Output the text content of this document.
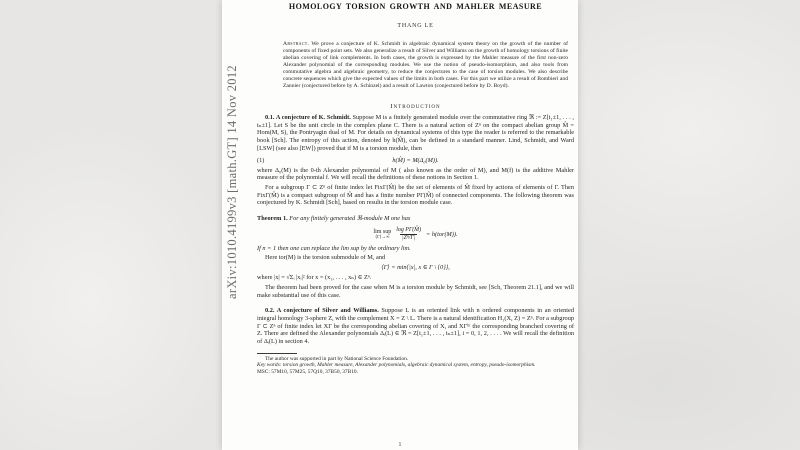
arXiv:1010.4199v3 [math.GT] 14 Nov 2012
HOMOLOGY TORSION GROWTH AND MAHLER MEASURE
THANG LE
Abstract. We prove a conjecture of K. Schmidt in algebraic dynamical system theory on the growth of the number of components of fixed point sets. We also generalize a result of Silver and Williams on the growth of homology torsions of finite abelian covering of link complements. In both cases, the growth is expressed by the Mahler measure of the first non-zero Alexander polynomial of the corresponding modules. We use the notion of pseudo-isomorphism, and also tools from commutative algebra and algebraic geometry, to reduce the conjectures to the case of torsion modules. We also describe concrete sequences which give the expected values of the limits in both cases. For this part we utilize a result of Bombieri and Zannier (conjectured before by A. Schinzel) and a result of Lawton (conjectured before by D. Boyd).
Introduction

0.1. A conjecture of K. Schmidt. Suppose M is a finitely generated module over the commutative ring ℜ := Z[t₁±1, . . . , tₙ±1]. Let S be the unit circle in the complex plane C. There is a natural action of Zⁿ on the compact abelian group M̂ = Hom(M, S), the Pontryagin dual of M. For details on dynamical systems of this type the reader is referred to the remarkable book [Sch]. The entropy of this action, denoted by h(M̂), can be defined in a standard manner. Lind, Schmidt, and Ward [LSW] (see also [EW]) proved that if M is a torsion module, then

(1)	h(M̂) = M(Δ₀(M)).

where Δ₀(M) is the 0-th Alexander polynomial of M ( also known as the order of M), and M(f) is the additive Mahler measure of the polynomial f. We will recall the definitions of these notions in Section 1.

For a subgroup Γ ⊂ Zⁿ of finite index let FixΓ(M̂) be the set of elements of M̂ fixed by actions of elements of Γ. Then FixΓ(M̂) is a compact subgroup of M̂ and has a finite number PΓ(M̂) of connected components. The following theorem was conjectured by K. Schmidt [Sch], based on results in the torsion module case.

Theorem 1. For any finitely generated ℜ-module M one has

lim sup
⟨Γ⟩→∞ $\frac{\text{log PΓ(M̂)}}{\text{|Zⁿ/Γ|}} = h(tor(M))$.

If n = 1 then one can replace the lim sup by the ordinary lim.

Here tor(M) is the torsion submodule of M, and

⟨Γ⟩ = min{|x|, x ∈ Γ \ {0}},

where |x| = √Σᵢ |xᵢ|² for x = (x₁, . . . , xₙ) ∈ Zⁿ.

The theorem had been proved for the case when M is a torsion module by Schmidt, see [Sch, Theorem 21.1], and we will make substantial use of this case.

0.2. A conjecture of Silver and Williams. Suppose L is an oriented link with n ordered components in an oriented integral homology 3-sphere Z, with the complement X = Z \ L. There is a natural identification H₁(X, Z) = Zⁿ. For a subgroup Γ ⊂ Zⁿ of finite index let XΓ be the corresponding abelian covering of X, and XΓᵇʳ the corresponding branched covering of Z. There are defined the Alexander polynomials Δᵢ(L) ∈ ℜ = Z[t₁±1, . . . , tₙ±1], i = 0, 1, 2, . . . . We will recall the definition of Δᵢ(L) in section 4.

The author was supported in part by National Science Foundation.

Key words: torsion growth, Mahler measure, Alexander polynomials, algebraic dynamical system, entropy, pseudo-isomorphism.

MSC: 57M10, 57M25, 57Q10, 37B50, 37B10.

1
